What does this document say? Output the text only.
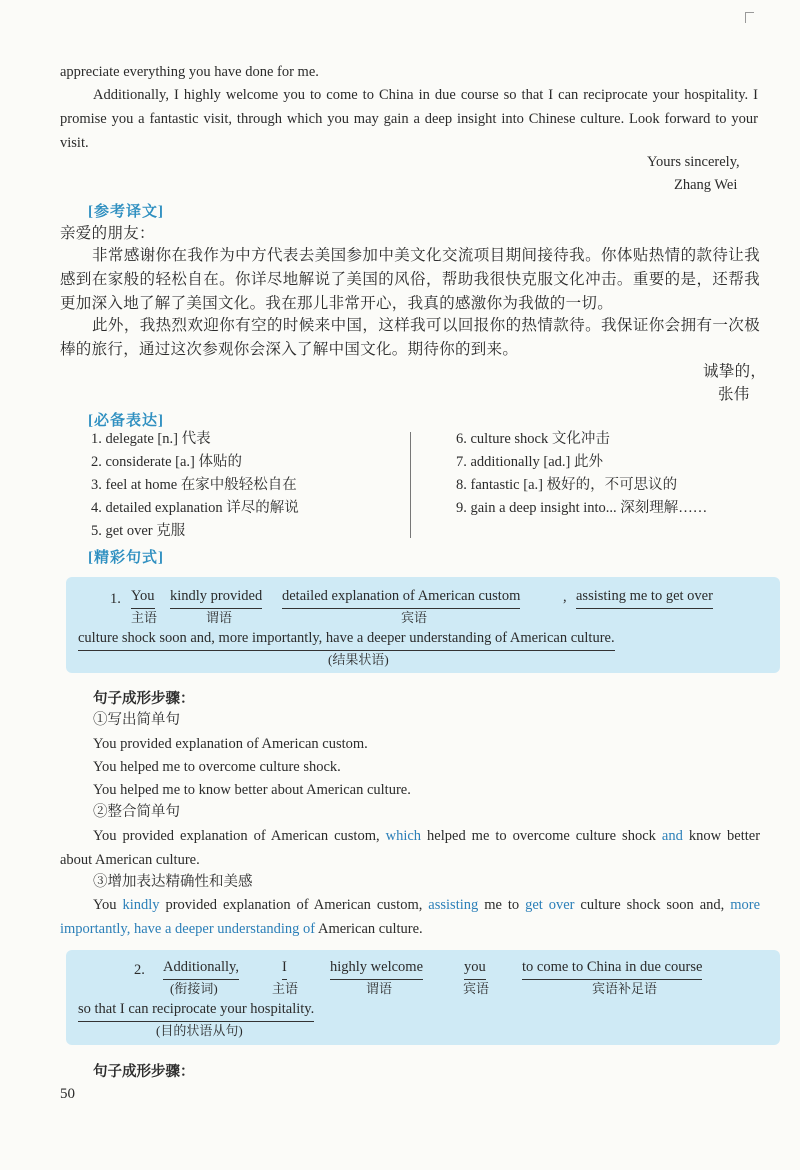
appreciate everything you have done for me.

Additionally, I highly welcome you to come to China in due course so that I can reciprocate your hospitality. I promise you a fantastic visit, through which you may gain a deep insight into Chinese culture. Look forward to your visit.

Yours sincerely,

Zhang Wei

[参考译文]

亲爱的朋友：

非常感谢你在我作为中方代表去美国参加中美文化交流项目期间接待我。你体贴热情的款待让我感到在家般的轻松自在。你详尽地解说了美国的风俗，帮助我很快克服文化冲击。重要的是，还帮我更加深入地了解了美国文化。我在那儿非常开心，我真的感激你为我做的一切。

此外，我热烈欢迎你有空的时候来中国，这样我可以回报你的热情款待。我保证你会拥有一次极棒的旅行，通过这次参观你会深入了解中国文化。期待你的到来。

诚挚的，

张伟

[必备表达]

1. delegate [n.] 代表

2. considerate [a.] 体贴的

3. feel at home 在家中般轻松自在

4. detailed explanation 详尽的解说

5. get over 克服

6. culture shock 文化冲击

7. additionally [ad.] 此外

8. fantastic [a.] 极好的，不可思议的

9. gain a deep insight into... 深刻理解……

[精彩句式]
1. You
主语
kindly provided
谓语
detailed explanation of American custom
宾语
, assisting me to get over
culture shock soon and, more importantly, have a deeper understanding of American culture.
(结果状语)
句子成形步骤：

①写出简单句

You provided explanation of American custom.

You helped me to overcome culture shock.

You helped me to know better about American culture.

②整合简单句

You provided explanation of American custom, which helped me to overcome culture shock and know better about American culture.

③增加表达精确性和美感

You kindly provided explanation of American custom, assisting me to get over culture shock soon and, more importantly, have a deeper understanding of American culture.

2. Additionally,
(衔接词)
I
主语
highly welcome
谓语
you
宾语
to come to China in due course
宾语补足语
so that I can reciprocate your hospitality.
(目的状语从句)
句子成形步骤：
50
